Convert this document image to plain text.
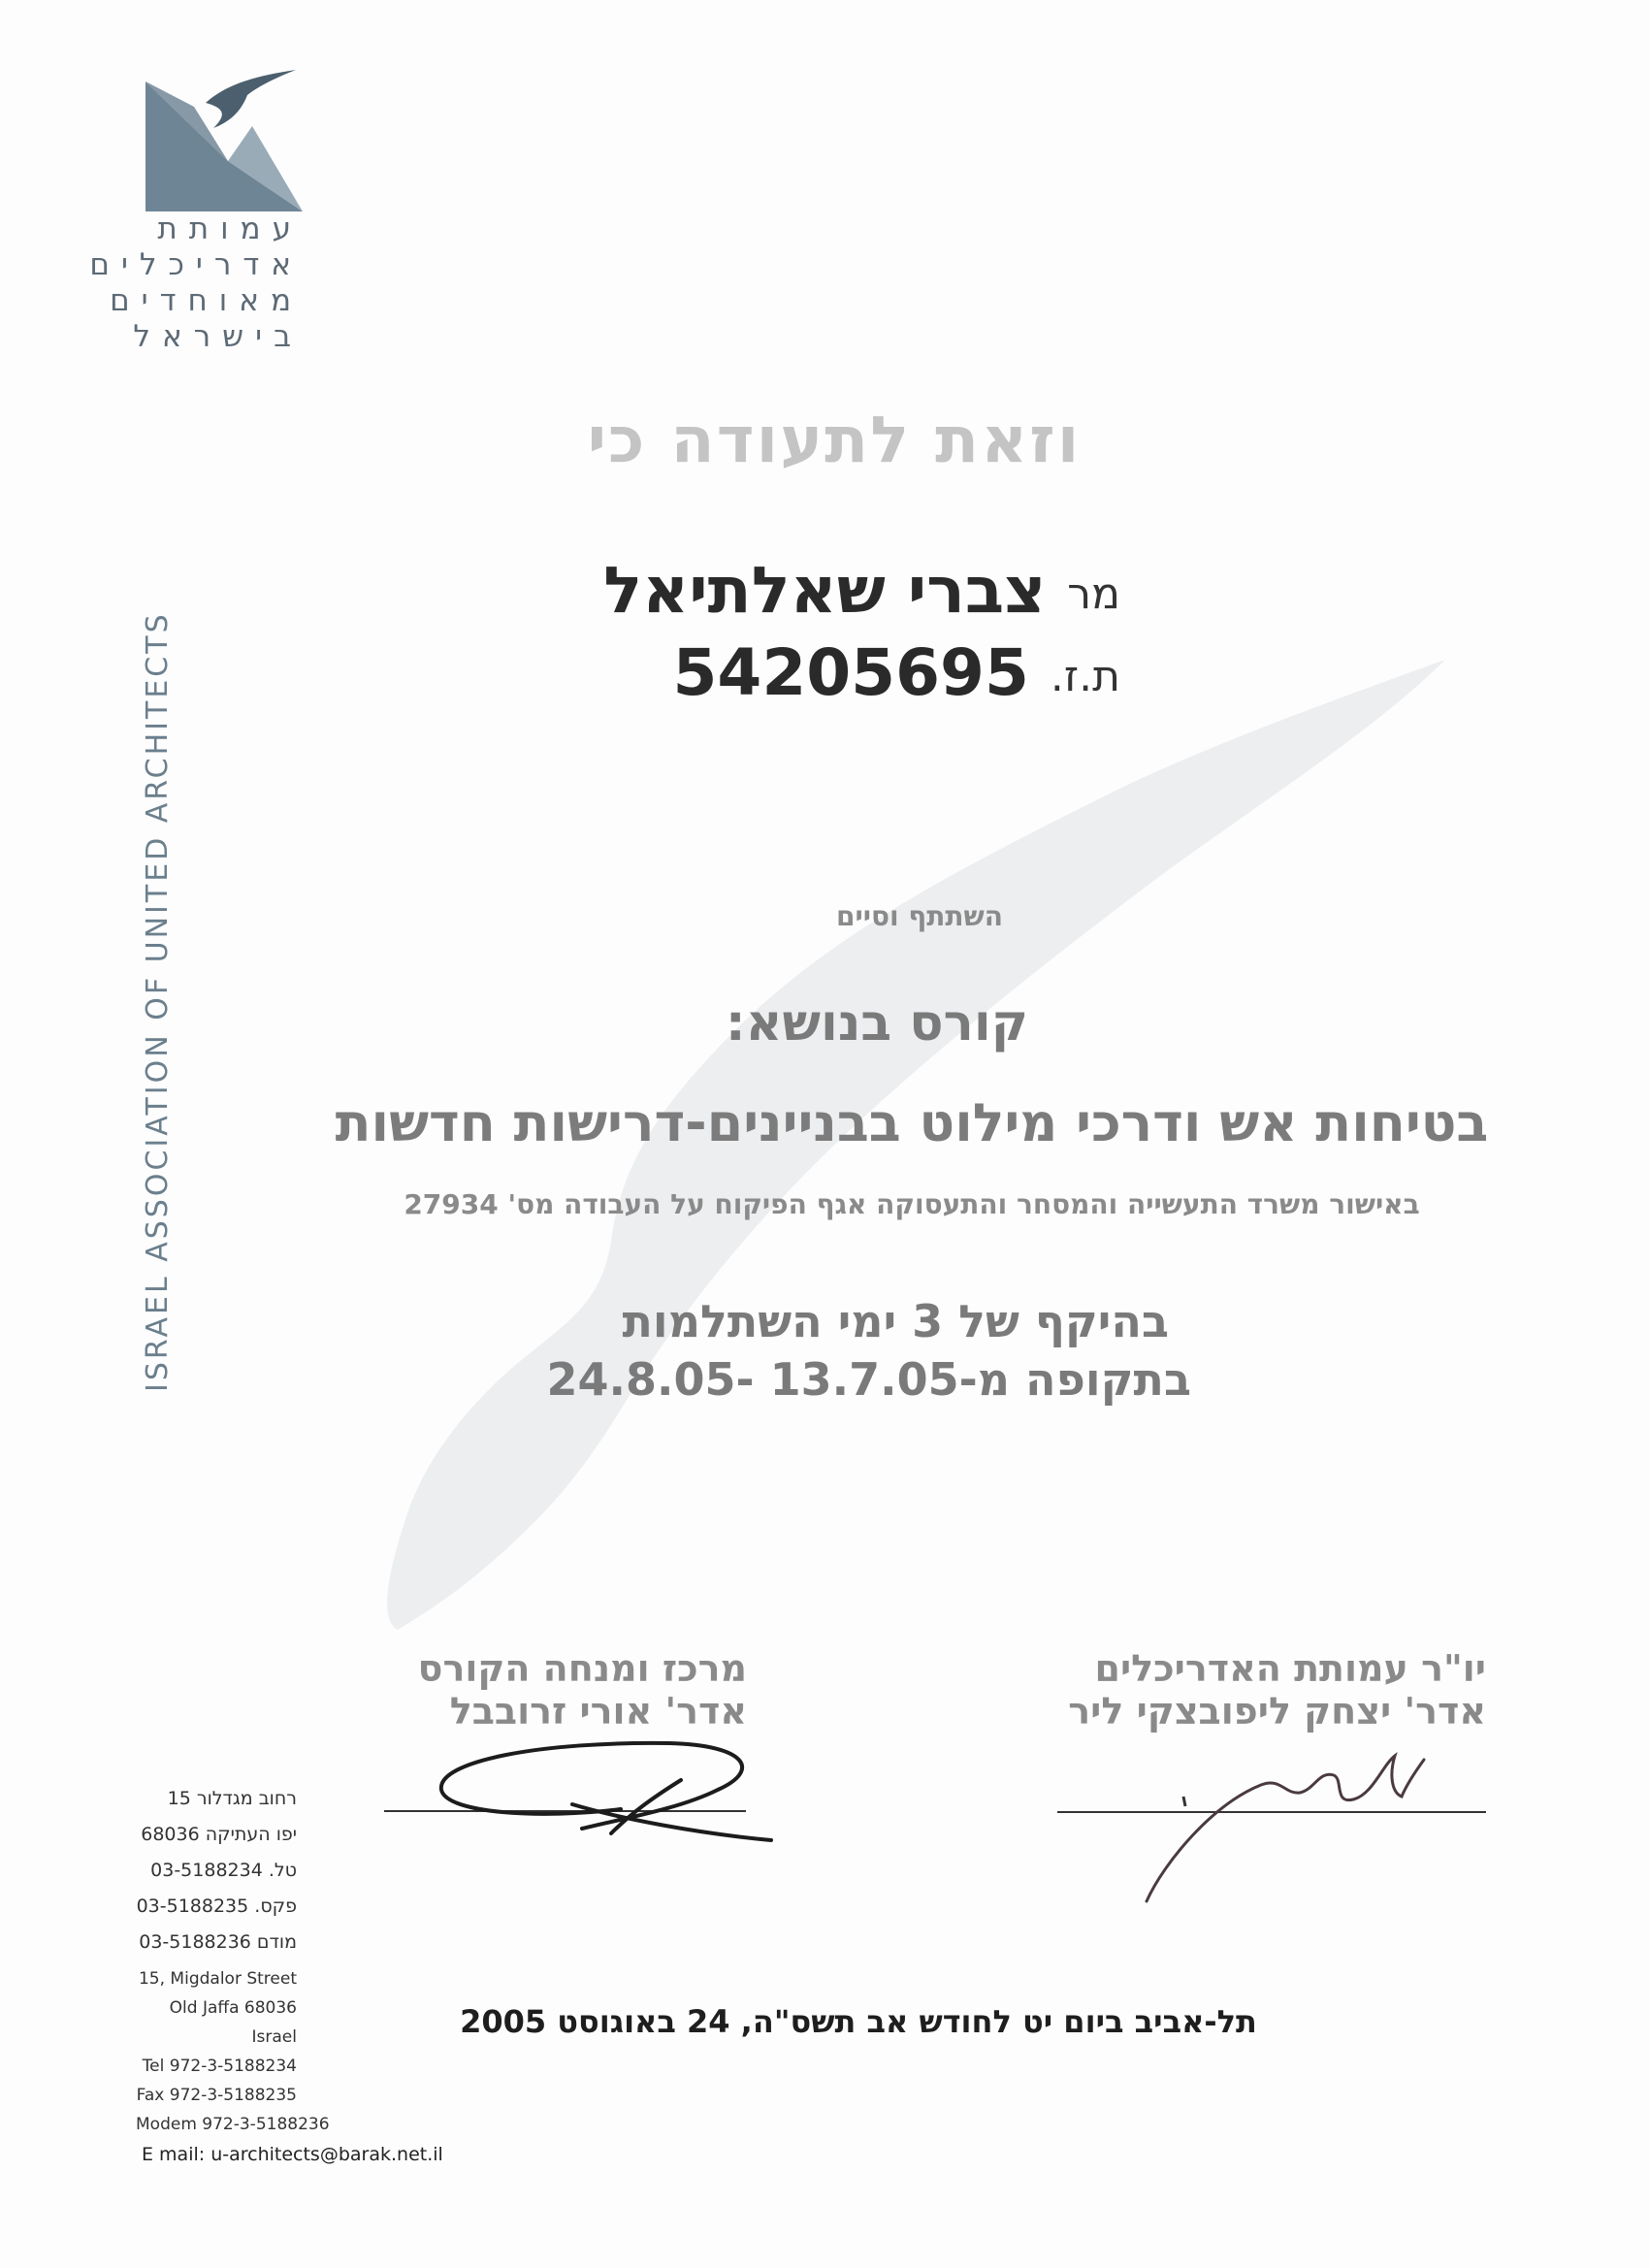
עמותת
אדריכלים
מאוחדים
בישראל
ISRAEL ASSOCIATION OF UNITED ARCHITECTS
וזאת לתעודה כי
מרצברי שאלתיאל
ת.ז.54205695
השתתף וסיים
קורס בנושא:
בטיחות אש ודרכי מילוט בבניינים-דרישות חדשות
באישור משרד התעשייה והמסחר והתעסוקה אגף הפיקוח על העבודה מס' 27934
בהיקף של 3 ימי השתלמות
בתקופה מ-13.7.05 -24.8.05
יו"ר עמותת האדריכלים
אדר' יצחק ליפובצקי ליר
מרכז ומנחה הקורס
אדר' אורי זרובבל
רחוב מגדלור 15
יפו העתיקה 68036
טל. 03-5188234
פקס. 03-5188235
מודם 03-5188236
15, Migdalor Street
Old Jaffa 68036
Israel
Tel 972-3-5188234
Fax 972-3-5188235
Modem 972-3-5188236
E mail: u-architects@barak.net.il
תל-אביב ביום יט לחודש אב תשס"ה, 24 באוגוסט 2005
